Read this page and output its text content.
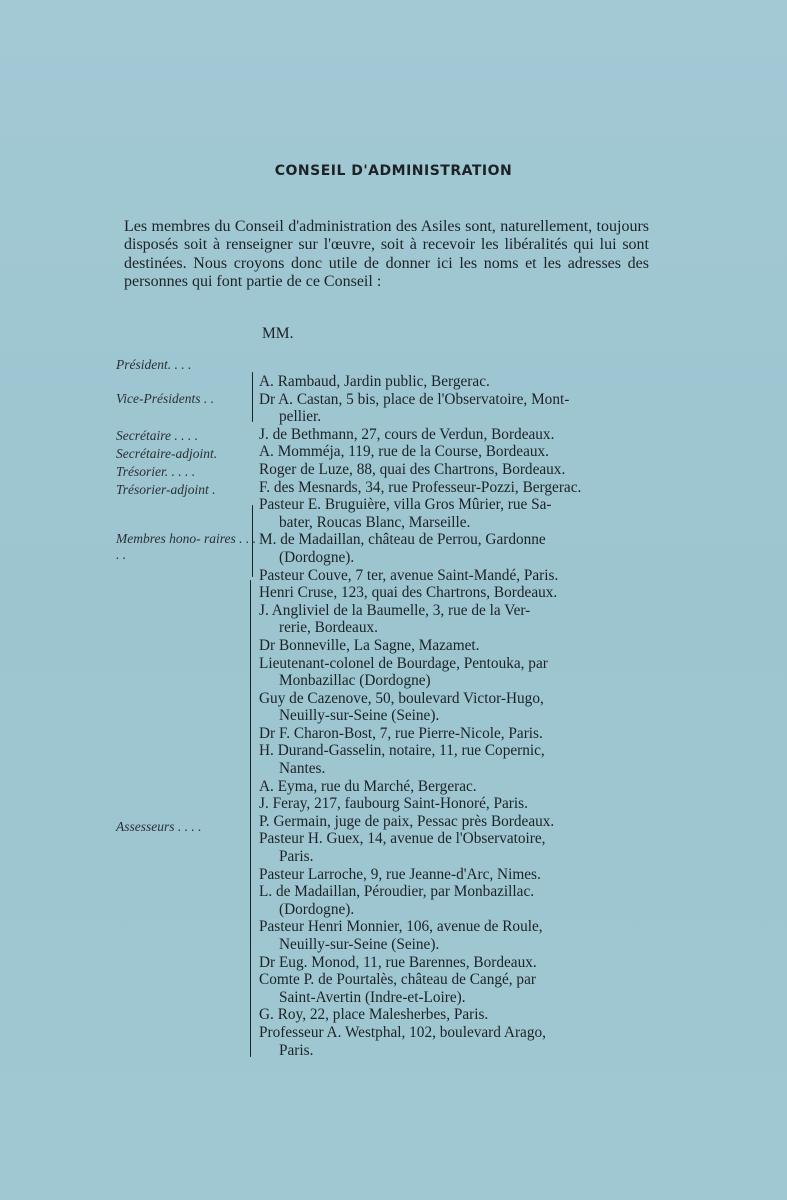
CONSEIL D'ADMINISTRATION

Les membres du Conseil d'administration des Asiles sont, naturellement, toujours disposés soit à renseigner sur l'œuvre, soit à recevoir les libéralités qui lui sont destinées. Nous croyons donc utile de donner ici les noms et les adresses des personnes qui font partie de ce Conseil :

MM.
Président. . . .
Vice-Présidents . .
Secrétaire . . . .
Secrétaire-adjoint.
Trésorier. . . . .
Trésorier-adjoint .
Membres hono- raires . . . . .
Assesseurs . . . .
A. Rambaud, Jardin public, Bergerac.
Dr A. Castan, 5 bis, place de l'Observatoire, Mont-
pellier.
J. de Bethmann, 27, cours de Verdun, Bordeaux.
A. Momméja, 119, rue de la Course, Bordeaux.
Roger de Luze, 88, quai des Chartrons, Bordeaux.
F. des Mesnards, 34, rue Professeur-Pozzi, Bergerac.
Pasteur E. Bruguière, villa Gros Mûrier, rue Sa-
bater, Roucas Blanc, Marseille.
M. de Madaillan, château de Perrou, Gardonne
(Dordogne).
Pasteur Couve, 7 ter, avenue Saint-Mandé, Paris.
Henri Cruse, 123, quai des Chartrons, Bordeaux.
J. Angliviel de la Baumelle, 3, rue de la Ver-
rerie, Bordeaux.
Dr Bonneville, La Sagne, Mazamet.
Lieutenant-colonel de Bourdage, Pentouka, par
Monbazillac (Dordogne)
Guy de Cazenove, 50, boulevard Victor-Hugo,
Neuilly-sur-Seine (Seine).
Dr F. Charon-Bost, 7, rue Pierre-Nicole, Paris.
H. Durand-Gasselin, notaire, 11, rue Copernic,
Nantes.
A. Eyma, rue du Marché, Bergerac.
J. Feray, 217, faubourg Saint-Honoré, Paris.
P. Germain, juge de paix, Pessac près Bordeaux.
Pasteur H. Guex, 14, avenue de l'Observatoire,
Paris.
Pasteur Larroche, 9, rue Jeanne-d'Arc, Nimes.
L. de Madaillan, Péroudier, par Monbazillac.
(Dordogne).
Pasteur Henri Monnier, 106, avenue de Roule,
Neuilly-sur-Seine (Seine).
Dr Eug. Monod, 11, rue Barennes, Bordeaux.
Comte P. de Pourtalès, château de Cangé, par
Saint-Avertin (Indre-et-Loire).
G. Roy, 22, place Malesherbes, Paris.
Professeur A. Westphal, 102, boulevard Arago,
Paris.
